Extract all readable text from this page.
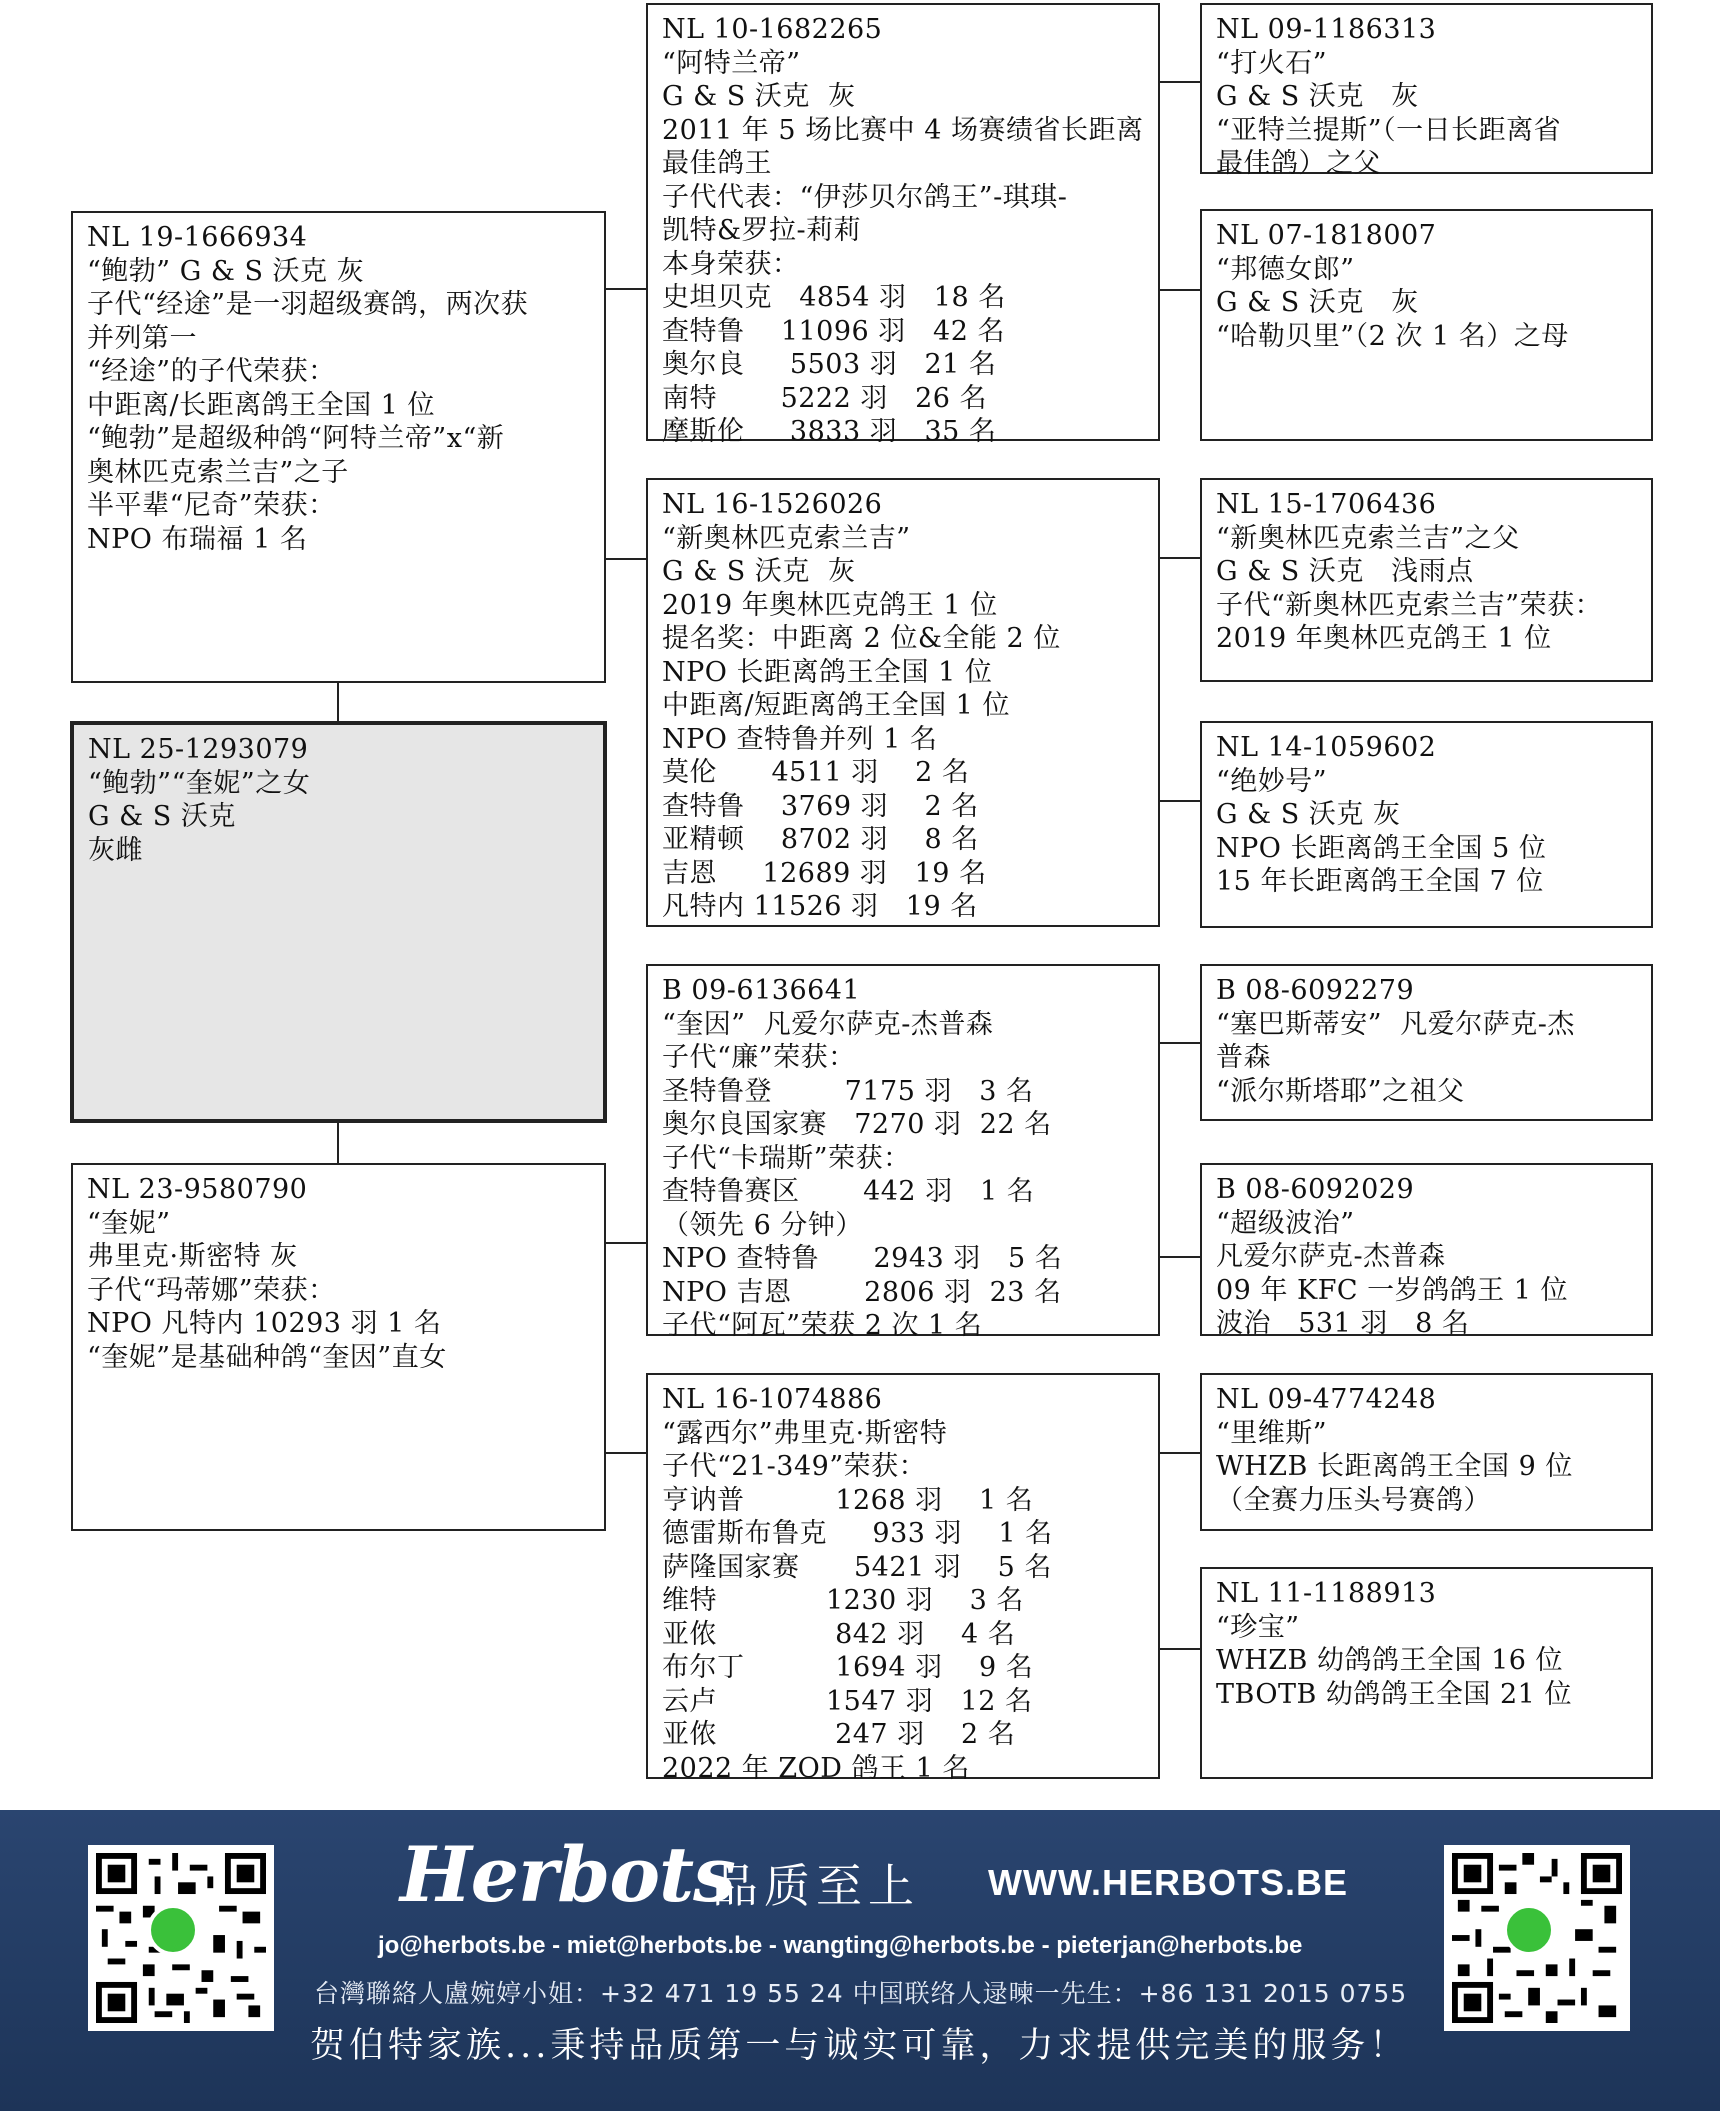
NL 19-1666934
“鲍勃” G & S 沃克 灰
子代“经途”是一羽超级赛鸽，两次获
并列第一
“经途”的子代荣获：
中距离/长距离鸽王全国 1 位
“鲍勃”是超级种鸽“阿特兰帝”x“新
奥林匹克索兰吉”之子
半平辈“尼奇”荣获：
NPO 布瑞福 1 名
NL 25-1293079
“鲍勃”“奎妮”之女
G & S 沃克
灰雌
NL 23-9580790
“奎妮”
弗里克·斯密特 灰
子代“玛蒂娜”荣获：
NPO 凡特内 10293 羽 1 名
“奎妮”是基础种鸽“奎因”直女
NL 10-1682265
“阿特兰帝”
G & S 沃克  灰
2011 年 5 场比赛中 4 场赛绩省长距离
最佳鸽王
子代代表：“伊莎贝尔鸽王”-琪琪-
凯特&罗拉-莉莉
本身荣获：
史坦贝克   4854 羽   18 名
查特鲁    11096 羽   42 名
奥尔良     5503 羽   21 名
南特       5222 羽   26 名
摩斯伦     3833 羽   35 名
NL 16-1526026
“新奥林匹克索兰吉”
G & S 沃克  灰
2019 年奥林匹克鸽王 1 位
提名奖：中距离 2 位&全能 2 位
NPO 长距离鸽王全国 1 位
中距离/短距离鸽王全国 1 位
NPO 查特鲁并列 1 名
莫伦      4511 羽    2 名
查特鲁    3769 羽    2 名
亚精顿    8702 羽    8 名
吉恩     12689 羽   19 名
凡特内 11526 羽   19 名
B 09-6136641
“奎因”  凡爱尔萨克-杰普森
子代“廉”荣获：
圣特鲁登        7175 羽   3 名
奥尔良国家赛   7270 羽  22 名
子代“卡瑞斯”荣获：
查特鲁赛区       442 羽   1 名
（领先 6 分钟）
NPO 查特鲁      2943 羽   5 名
NPO 吉恩        2806 羽  23 名
子代“阿瓦”荣获 2 次 1 名
NL 16-1074886
“露西尔”弗里克·斯密特
子代“21-349”荣获：
亨讷普          1268 羽    1 名
德雷斯布鲁克     933 羽    1 名
萨隆国家赛      5421 羽    5 名
维特            1230 羽    3 名
亚侬             842 羽    4 名
布尔丁          1694 羽    9 名
云卢            1547 羽   12 名
亚侬             247 羽    2 名
2022 年 ZOD 鸽王 1 名
NL 09-1186313
“打火石”
G & S 沃克   灰
“亚特兰提斯”（一日长距离省
最佳鸽）之父
NL 07-1818007
“邦德女郎”
G & S 沃克   灰
“哈勒贝里”（2 次 1 名）之母
NL 15-1706436
“新奥林匹克索兰吉”之父
G & S 沃克   浅雨点
子代“新奥林匹克索兰吉”荣获：
2019 年奥林匹克鸽王 1 位
NL 14-1059602
“绝妙号”
G & S 沃克 灰
NPO 长距离鸽王全国 5 位
15 年长距离鸽王全国 7 位
B 08-6092279
“塞巴斯蒂安”  凡爱尔萨克-杰
普森
“派尔斯塔耶”之祖父
B 08-6092029
“超级波治”
凡爱尔萨克-杰普森
09 年 KFC 一岁鸽鸽王 1 位
波治   531 羽   8 名
NL 09-4774248
“里维斯”
WHZB 长距离鸽王全国 9 位
（全赛力压头号赛鸽）
NL 11-1188913
“珍宝”
WHZB 幼鸽鸽王全国 16 位
TBOTB 幼鸽鸽王全国 21 位
Herbots
品质至上 WWW.HERBOTS.BE
jo@herbots.be - miet@herbots.be - wangting@herbots.be - pieterjan@herbots.be
台灣聯絡人盧婉婷小姐：+32 471 19 55 24 中国联络人逯暕一先生：+86 131 2015 0755
贺伯特家族...秉持品质第一与诚实可靠，力求提供完美的服务！
